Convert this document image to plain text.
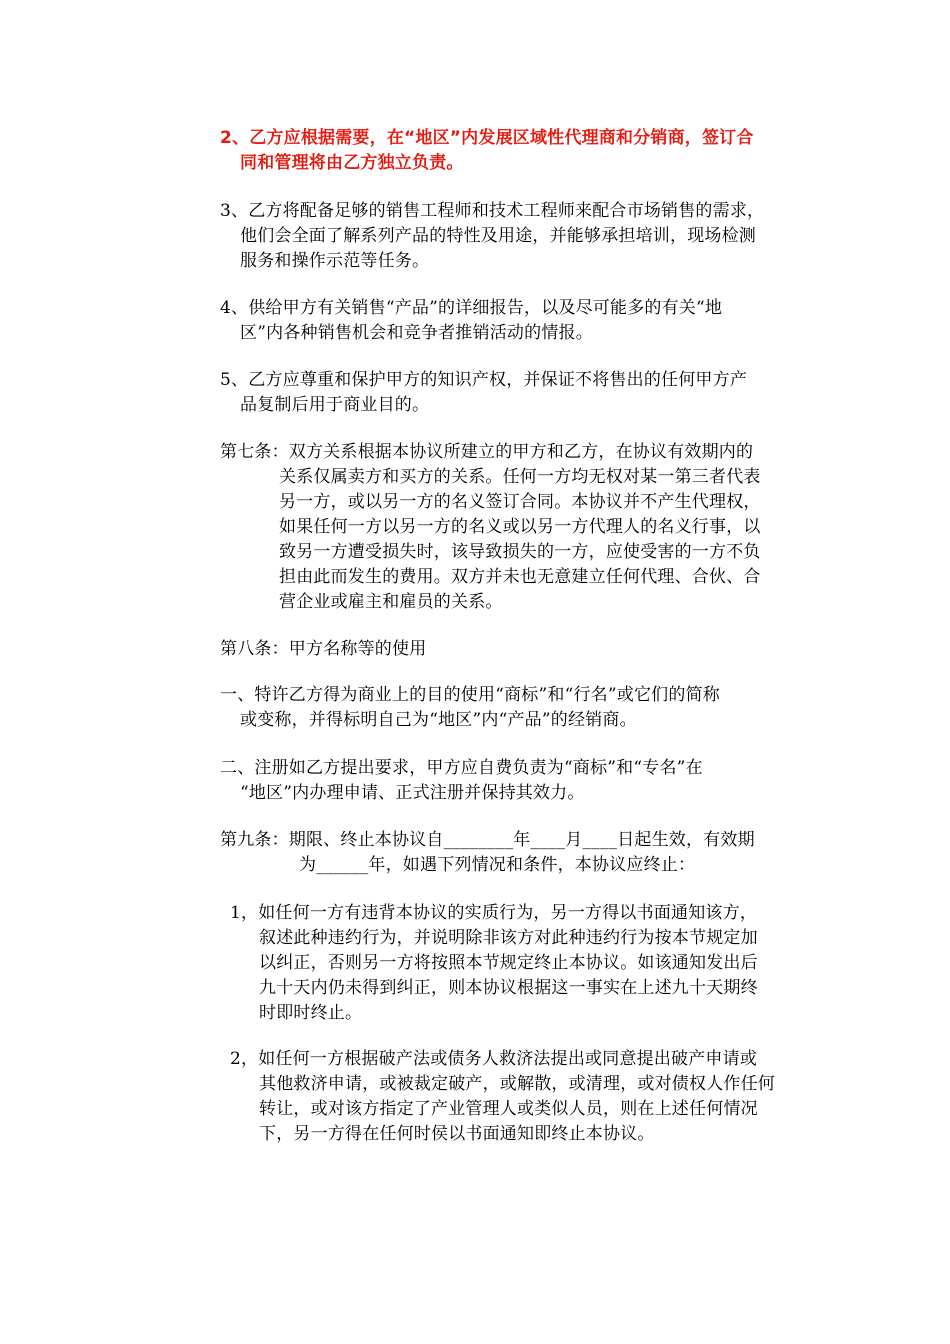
2、乙方应根据需要，在“地区”内发展区域性代理商和分销商，签订合
同和管理将由乙方独立负责。
3、乙方将配备足够的销售工程师和技术工程师来配合市场销售的需求，
他们会全面了解系列产品的特性及用途，并能够承担培训，现场检测
服务和操作示范等任务。
4、供给甲方有关销售“产品”的详细报告，以及尽可能多的有关“地
区”内各种销售机会和竞争者推销活动的情报。
5、乙方应尊重和保护甲方的知识产权，并保证不将售出的任何甲方产
品复制后用于商业目的。
第七条：双方关系根据本协议所建立的甲方和乙方，在协议有效期内的
关系仅属卖方和买方的关系。任何一方均无权对某一第三者代表
另一方，或以另一方的名义签订合同。本协议并不产生代理权，
如果任何一方以另一方的名义或以另一方代理人的名义行事，以
致另一方遭受损失时，该导致损失的一方，应使受害的一方不负
担由此而发生的费用。双方并未也无意建立任何代理、合伙、合
营企业或雇主和雇员的关系。
第八条：甲方名称等的使用
一、特许乙方得为商业上的目的使用“商标”和“行名”或它们的简称
或变称，并得标明自己为“地区”内“产品”的经销商。
二、注册如乙方提出要求，甲方应自费负责为“商标”和“专名”在
“地区”内办理申请、正式注册并保持其效力。
第九条：期限、终止本协议自________年____月____日起生效，有效期
为______年，如遇下列情况和条件，本协议应终止：
1，如任何一方有违背本协议的实质行为，另一方得以书面通知该方，
叙述此种违约行为，并说明除非该方对此种违约行为按本节规定加
以纠正，否则另一方将按照本节规定终止本协议。如该通知发出后
九十天内仍未得到纠正，则本协议根据这一事实在上述九十天期终
时即时终止。
2，如任何一方根据破产法或债务人救济法提出或同意提出破产申请或
其他救济申请，或被裁定破产，或解散，或清理，或对债权人作任何
转让，或对该方指定了产业管理人或类似人员，则在上述任何情况
下，另一方得在任何时侯以书面通知即终止本协议。
